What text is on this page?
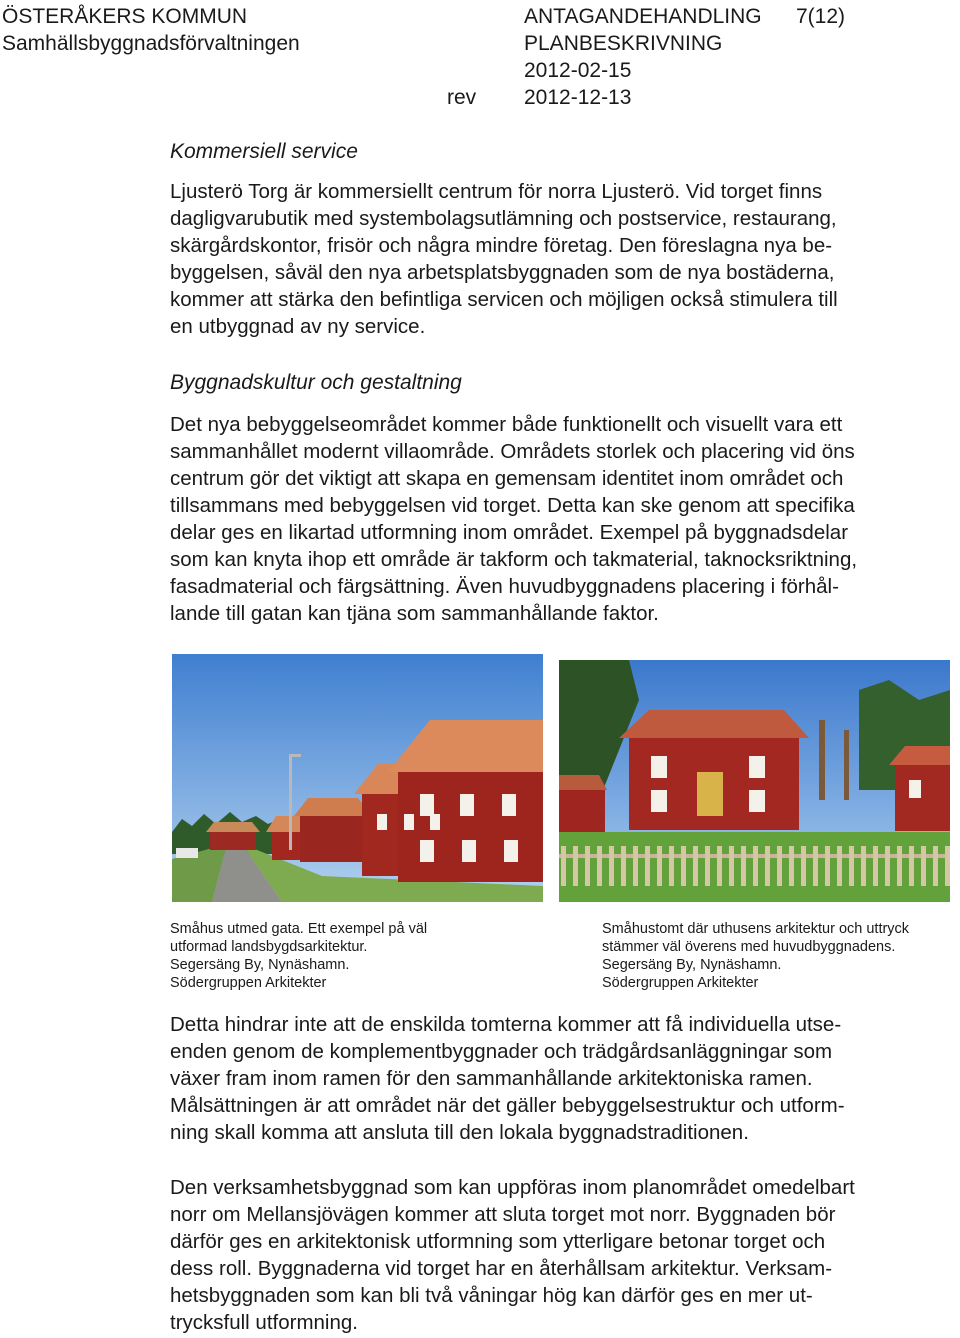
ÖSTERÅKERS KOMMUN
Samhällsbyggnadsförvaltningen
ANTAGANDEHANDLING 7(12)
PLANBESKRIVNING
2012-02-15
rev 2012-12-13
Kommersiell service
Ljusterö Torg är kommersiellt centrum för norra Ljusterö. Vid torget finns
dagligvarubutik med systembolagsutlämning och postservice, restaurang,
skärgårdskontor, frisör och några mindre företag. Den föreslagna nya be-
byggelsen, såväl den nya arbetsplatsbyggnaden som de nya bostäderna,
kommer att stärka den befintliga servicen och möjligen också stimulera till
en utbyggnad av ny service.
Byggnadskultur och gestaltning
Det nya bebyggelseområdet kommer både funktionellt och visuellt vara ett
sammanhållet modernt villaområde. Områdets storlek och placering vid öns
centrum gör det viktigt att skapa en gemensam identitet inom området och
tillsammans med bebyggelsen vid torget. Detta kan ske genom att specifika
delar ges en likartad utformning inom området. Exempel på byggnadsdelar
som kan knyta ihop ett område är takform och takmaterial, taknocksriktning,
fasadmaterial och färgsättning. Även huvudbyggnadens placering i förhål-
lande till gatan kan tjäna som sammanhållande faktor.
Småhus utmed gata. Ett exempel på väl
utformad landsbygdsarkitektur.
Segersäng By, Nynäshamn.
Södergruppen Arkitekter
Småhustomt där uthusens arkitektur och uttryck
stämmer väl överens med huvudbyggnadens.
Segersäng By, Nynäshamn.
Södergruppen Arkitekter
Detta hindrar inte att de enskilda tomterna kommer att få individuella utse-
enden genom de komplementbyggnader och trädgårdsanläggningar som
växer fram inom ramen för den sammanhållande arkitektoniska ramen.
Målsättningen är att området när det gäller bebyggelsestruktur och utform-
ning skall komma att ansluta till den lokala byggnadstraditionen.
Den verksamhetsbyggnad som kan uppföras inom planområdet omedelbart
norr om Mellansjövägen kommer att sluta torget mot norr. Byggnaden bör
därför ges en arkitektonisk utformning som ytterligare betonar torget och
dess roll. Byggnaderna vid torget har en återhållsam arkitektur. Verksam-
hetsbyggnaden som kan bli två våningar hög kan därför ges en mer ut-
trycksfull utformning.
